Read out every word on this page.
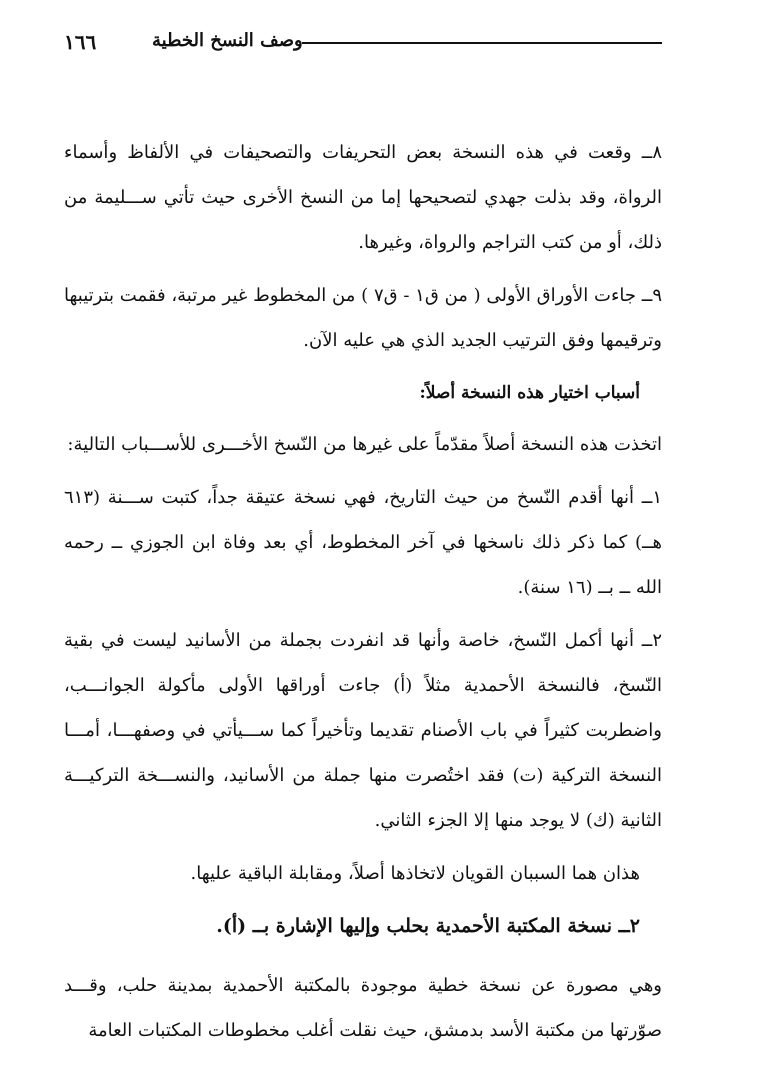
١٦٦	وصف النسخ الخطية

٨ــ وقعت في هذه النسخة بعض التحريفات والتصحيفات في الألفاظ وأسماء الرواة، وقد بذلت جهدي لتصحيحها إما من النسخ الأخرى حيث تأتي ســـليمة من ذلك، أو من كتب التراجم والرواة، وغيرها.

٩ــ جاءت الأوراق الأولى ( من ق١ - ق٧ ) من المخطوط غير مرتبة، فقمت بترتيبها وترقيمها وفق الترتيب الجديد الذي هي عليه الآن.

أسباب اختيار هذه النسخة أصلاً:

اتخذت هذه النسخة أصلاً مقدّماً على غيرها من النّسخ الأخـــرى للأســـباب التالية:

١ــ أنها أقدم النّسخ من حيث التاريخ، فهي نسخة عتيقة جداً، كتبت ســـنة (٦١٣ هــ) كما ذكر ذلك ناسخها في آخر المخطوط، أي بعد وفاة ابن الجوزي ــ رحمه الله ــ بــ (١٦ سنة).

٢ــ أنها أكمل النّسخ، خاصة وأنها قد انفردت بجملة من الأسانيد ليست في بقية النّسخ، فالنسخة الأحمدية مثلاً (أ) جاءت أوراقها الأولى مأكولة الجوانـــب، واضطربت كثيراً في باب الأصنام تقديما وتأخيراً كما ســـيأتي في وصفهـــا، أمـــا النسخة التركية (ت) فقد اختُصرت منها جملة من الأسانيد، والنســـخة التركيـــة الثانية (ك) لا يوجد منها إلا الجزء الثاني.

هذان هما السببان القويان لاتخاذها أصلاً، ومقابلة الباقية عليها.

٢ــ نسخة المكتبة الأحمدية بحلب وإليها الإشارة بــ (أ).

وهي مصورة عن نسخة خطية موجودة بالمكتبة الأحمدية بمدينة حلب، وقـــد صوّرتها من مكتبة الأسد بدمشق، حيث نقلت أغلب مخطوطات المكتبات العامة
